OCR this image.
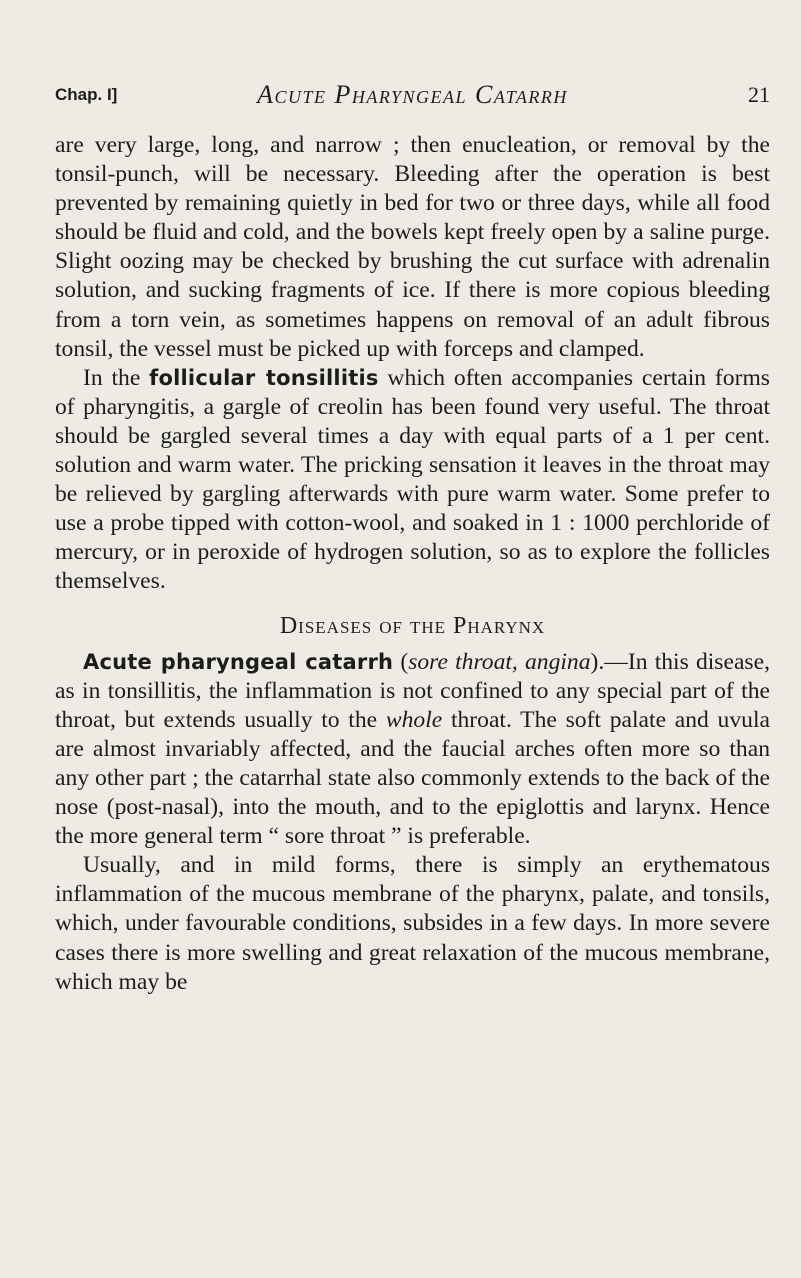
Chap. I]	Acute Pharyngeal Catarrh	21

are very large, long, and narrow ; then enucleation, or removal by the tonsil-punch, will be necessary. Bleeding after the operation is best prevented by remaining quietly in bed for two or three days, while all food should be fluid and cold, and the bowels kept freely open by a saline purge. Slight oozing may be checked by brushing the cut surface with adrenalin solution, and sucking fragments of ice. If there is more copious bleeding from a torn vein, as sometimes happens on removal of an adult fibrous tonsil, the vessel must be picked up with forceps and clamped.

In the follicular tonsillitis which often accompanies certain forms of pharyngitis, a gargle of creolin has been found very useful. The throat should be gargled several times a day with equal parts of a 1 per cent. solution and warm water. The pricking sensation it leaves in the throat may be relieved by gargling afterwards with pure warm water. Some prefer to use a probe tipped with cotton-wool, and soaked in 1 : 1000 perchloride of mercury, or in peroxide of hydrogen solution, so as to explore the follicles themselves.

Diseases of the Pharynx

Acute pharyngeal catarrh (sore throat, angina).—In this disease, as in tonsillitis, the inflammation is not confined to any special part of the throat, but extends usually to the whole throat. The soft palate and uvula are almost invariably affected, and the faucial arches often more so than any other part ; the catarrhal state also commonly extends to the back of the nose (post-nasal), into the mouth, and to the epiglottis and larynx. Hence the more general term “ sore throat ” is preferable.

Usually, and in mild forms, there is simply an erythematous inflammation of the mucous membrane of the pharynx, palate, and tonsils, which, under favourable conditions, subsides in a few days. In more severe cases there is more swelling and great relaxation of the mucous membrane, which may be
